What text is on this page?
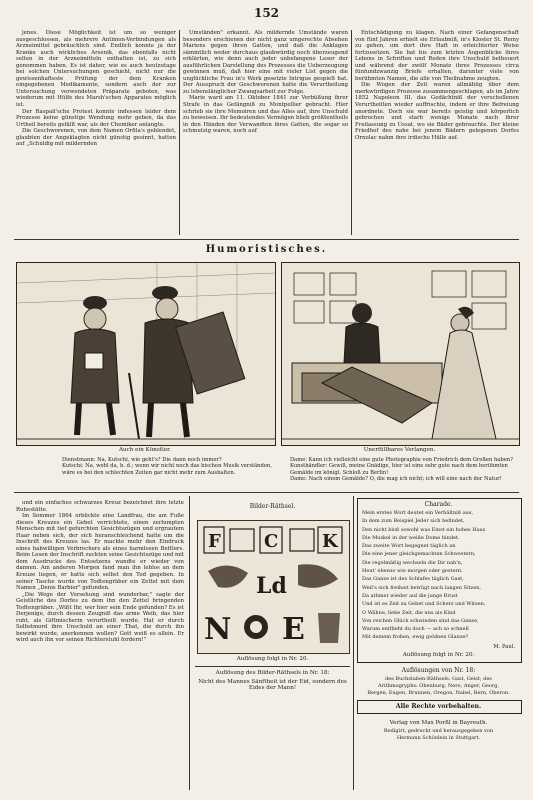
152

jenes. Diese Möglichkeit ist um so weniger ausgeschlossen, als mehrere Antimon-Verbindungen als Arzneimittel gebräuchlich sind. Endlich konnte ja der Kranke auch wirkliches Arsenik, das ebenfalls nicht selten in der Arzneimitteln enthalten ist, zu sich genommen haben. Es ist daher, wie es auch heutzutage bei solchen Untersuchungen geschieht, nicht nur die gewissenhafteste Prüfung der dem Kranken eingegebenen Medikamente, sondern auch der zur Untersuchung verwendeten Präparate geboten, was wiederum mit Hülfe des Marsh'schen Apparates möglich ist.

Der Raspail'sche Protest konnte indessen leider dem Prozesse keine günstige Wendung mehr geben, da das Urtheil bereits gefällt war, als der Chemiker anlangte.

Die Geschworenen, von dem Namen Orfila's geblendet, glaubten der Angeklagten nicht günstig gesinnt, hatten auf „Schuldig mit mildernden

Umständen" erkannt. Als mildernde Umstände waren besonders erschienen der nicht ganz umgerechte Absehen Mariens gegen ihren Gatten, und daß die Anklagen sämmtlich weder durchaus glaubwürdig noch überzeugend erklärten, wie denn auch jeder unbefangene Leser der ausführlichen Darstellung des Prozesses die Ueberzeugung gewinnen muß, daß hier eine mit vieler List gegen die unglückliche Frau in's Werk gesetzte Intrigue gespielt hat. Der Ausspruch der Geschworenen hatte die Verurtheilung zu lebenslänglicher Zwangsarbeit zur Folge.

Marie ward am 11. Oktober 1841 zur Verbüßung ihrer Strafe in das Gefängniß zu Montpellier gebracht. Hier schrieb sie ihre Memoiren und das Alles auf, ihre Unschuld zu beweisen. Ihr bedeutendes Vermögen blieb größtentheils in den Händen der Verwandten ihres Gatten, die sogar so schmutzig waren, noch auf

Entschädigung zu klagen. Nach einer Gefangenschaft von fünf Jahren erhielt sie Erlaubniß, in's Kloster St. Remy zu gehen, um dort ihre Haft in erleichterter Weise fortzusetzen. Sie hat bis zum letzten Augenblicke ihres Lebens in Schriften und Reden ihre Unschuld betheuert und während der zwölf Monate ihres Prozesses circa fünfundzwanzig Briefe erhalten, darunter viele von berühmten Namen, die alle von Theilnahme zeugten.

Die Wogen der Zeit waren allmählig über dem merkwürdigen Prozesse zusammengeschlagen, als im Jahre 1852 Napoleon III. das Gedächtniß der verschollenen Verurtheilten wieder auffrischte, indem er ihre Befreiung anordnete. Doch sie war bereits geistig und körperlich gebrochen und starb wenige Monate nach ihrer Freilassung zu Ussat, wo sie Bäder gebrauchte. Der kleine Friedhof des nahe bei jenem Bädern gelegenen Dorfes Ornolac nahm ihre irdische Hülle auf.

Humoristisches.
Auch ein Künstler.	Unerfüllbares Verlangen.
Dienstmann: Na, Kutschi, wie geht's? Die dann noch immer?
Kutschi: Na, wohl da, b. d.; wenn wir nicht noch das bischen Musik verständen, wäre es bei den schlechten Zeiten gar nicht mehr zum Aushalten.
Dame: Kann ich vielleicht eine gute Photographie von Friedrich dem Großen haben?
Kunsthändler: Gewiß, meine Gnädige, hier ist eine sehr gute nach dem berühmten Gemälde im königl. Schloß zu Berlin!
Dame: Nach einem Gemälde? O, die mag ich nicht; ich will eine nach der Natur!

und ein einfaches schwarzes Kreuz bezeichnet ihre letzte Ruhestätte.

Im Sommer 1864 erblickte eine Landfrau, die am Fuße dieses Kreuzes ein Gebet verrichtete, einen zerlumpten Menschen mit tief gefurchten Gesichtszügen und ergrautem Haar neben sich, der sich heranschleichend hatte um die Inschrift des Kreuzes las. Er machte mehr den Eindruck eines habwilligen Verbrechers als eines harmlosen Bettlers. Beim Lesen der Inschrift zuckten seine Gesichtszüge und mit dem Ausdrucke des Entsetzens wandte er wieder von dannen. Am anderen Morgen fand man ihn leblos an dem Kreuze liegen, er hatte sich selbst den Tod gegeben. In seiner Tasche wurde von Todtengräber ein Zettel mit dem Namen „Denis Barbier" gefunden.

„Die Wege der Vorsehung sind wunderbar," sagte der Geistliche des Dorfes zu dem ihn den Zettel bringenden Todtengräber. „Wißt Ihr, wer hier sein Ende gefunden? Es ist Derjenige, durch dessen Zeugniß das arme Weib, das hier ruht, als Giftmischerin verurtheilt wurde. Hat er durch Selbstmord ihre Unschuld an einer That, die durch ihn bewirkt wurde, anerkennen wollen? Gott weiß es allein. Er wird auch ihn vor seinen Richterstuhl fordern!"

Bilder-Räthsel.
F C K
Ld
N E
Auflösung folgt in Nr. 20.
Auflösung des Bilder-Räthsels in Nr. 18:
Nicht des Mannes Sänftheit ist der Eid, sondern des Eides der Mann!
Charade.
Mein erstes Wort deutet ein Verhältniß aus,
In dem zum Beispiel Jeder sich befindet,
Den nicht bloß sowohl was Einst ein hohes Haus
Die Muskel in der weiße Dome bindet.
Das zweite Wort begegnet täglich an
Die eine jener gleichgemachten Schwestern,
Die regelmäßig wechseln die Dir nah'n,
Heut' ebenso wie morgen oder gestern.
Das Ganze ist des Schlafes täglich Gast,
Weil's sich freiheit betrügt nach langen Sitzen,
Da athmet wieder auf die junge Brust
Und ist es Zeit zu Gebet und Scherz und Witzen.
O Wähne, liebe Zeit, die uns als Kind
Von reichen Glück schwinden sind das Ganze,
Warum entflieht du doch — ach so schnell
Mit deinem frohen, ewig goldnen Glanze?
M. Paul.
Auflösung folgt in Nr. 20.
Auflösungen von Nr. 18:
des Buchstaben-Räthsels: Gast, Geist; des
Arithmogryphs: Obenburg, Nero, Anger, Georg,
Bergen, Eugen, Brunnen, Oregon, Nabel, Bern, Oberon.
Alle Rechte vorbehalten.
Verlag von Max Porßl in Bayreuth.
Redigirt, gedruckt und herausgegeben von
Hermann Schönlein in Stuttgart.
